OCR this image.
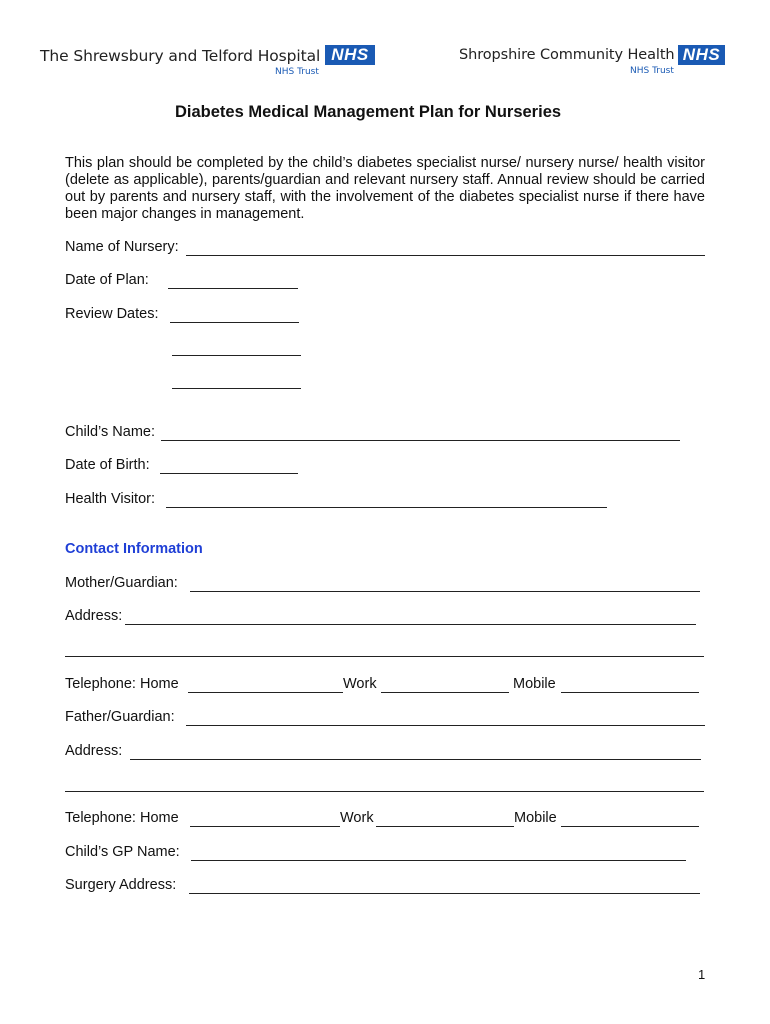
The Shrewsbury and Telford Hospital NHS
NHS Trust
Shropshire Community Health NHS
NHS Trust
Diabetes Medical Management Plan for Nurseries
This plan should be completed by the child’s diabetes specialist nurse/ nursery nurse/ health visitor (delete as applicable), parents/guardian and relevant nursery staff. Annual review should be carried out by parents and nursery staff, with the involvement of the diabetes specialist nurse if there have been major changes in management.
Name of Nursery:
Date of Plan:
Review Dates:
Child’s Name:
Date of Birth:
Health Visitor:
Contact Information
Mother/Guardian:
Address:
Telephone: Home	Work	Mobile
Father/Guardian:
Address:
Telephone: Home	Work	Mobile
Child’s GP Name:
Surgery Address:
1
